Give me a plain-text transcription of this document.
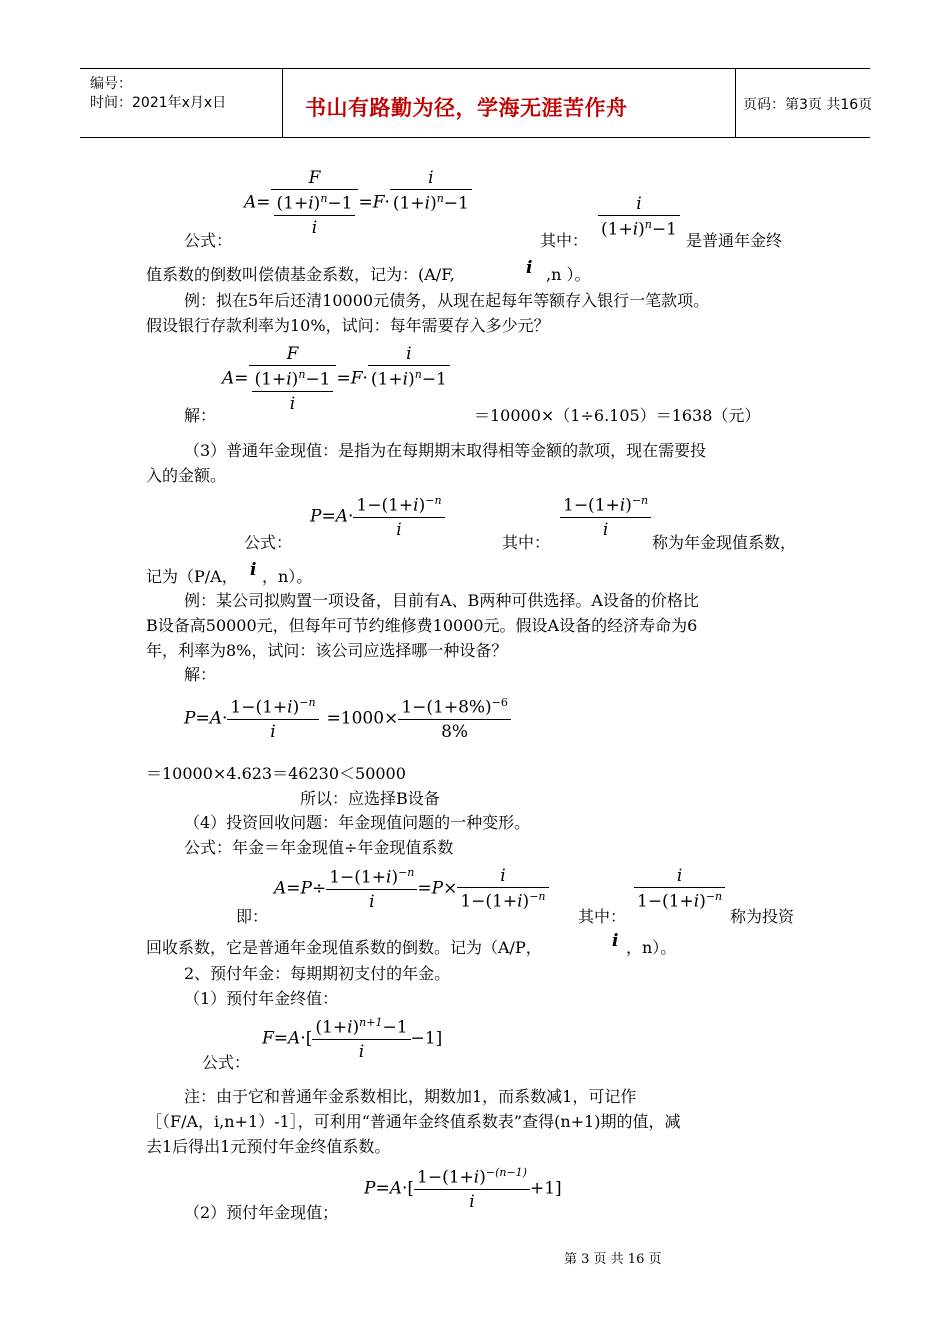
编号：
时间：2021年x月x日	书山有路勤为径，学海无涯苦作舟	页码：第3页 共16页
$A= \frac{F}{\frac{(1+i)^n-1}{i}} =F\cdot \frac{i}{(1+i)^n-1}$
公式：	其中：
$\frac{i}{(1+i)^n-1}$
是普通年金终
值系数的倒数叫偿债基金系数，记为：(A/F,	i ,n ）。
例：拟在5年后还清10000元债务，从现在起每年等额存入银行一笔款项。
假设银行存款利率为10%，试问：每年需要存入多少元？
$A= \frac{F}{\frac{(1+i)^n-1}{i}} =F\cdot \frac{i}{(1+i)^n-1}$
解：	＝10000×（1÷6.105）＝1638（元）
（3）普通年金现值：是指为在每期期末取得相等金额的款项，现在需要投
入的金额。
公式：
$P=A\cdot \frac{1-(1+i)^{-n}}{i}$
其中：
$\frac{1-(1+i)^{-n}}{i}$
称为年金现值系数，
记为（P/A， i ，n）。
例：某公司拟购置一项设备，目前有A、B两种可供选择。A设备的价格比
B设备高50000元，但每年可节约维修费10000元。假设A设备的经济寿命为6
年，利率为8%，试问：该公司应选择哪一种设备？
解：
$P=A\cdot \frac{1-(1+i)^{-n}}{i} =1000\times \frac{1-(1+8\%)^{-6}}{8\%}$
＝10000×4.623＝46230＜50000
所以：应选择B设备
（4）投资回收问题：年金现值问题的一种变形。
公式：年金＝年金现值÷年金现值系数
即：
$A=P\div \frac{1-(1+i)^{-n}}{i} =P\times \frac{i}{1-(1+i)^{-n}}$
其中：
$\frac{i}{1-(1+i)^{-n}}$
称为投资
回收系数，它是普通年金现值系数的倒数。记为（A/P，	i ，n）。
2、预付年金：每期期初支付的年金。
（1）预付年金终值：
公式：
$F=A\cdot[ \frac{(1+i)^{n+1}-1}{i} -1]$
注：由于它和普通年金系数相比，期数加1，而系数减1，可记作
［（F/A，i,n+1）-1］，可利用“普通年金终值系数表”查得(n+1)期的值，减
去1后得出1元预付年金终值系数。
（2）预付年金现值；
$P=A\cdot[ \frac{1-(1+i)^{-(n-1)}}{i} +1]$
第 3 页 共 16 页
